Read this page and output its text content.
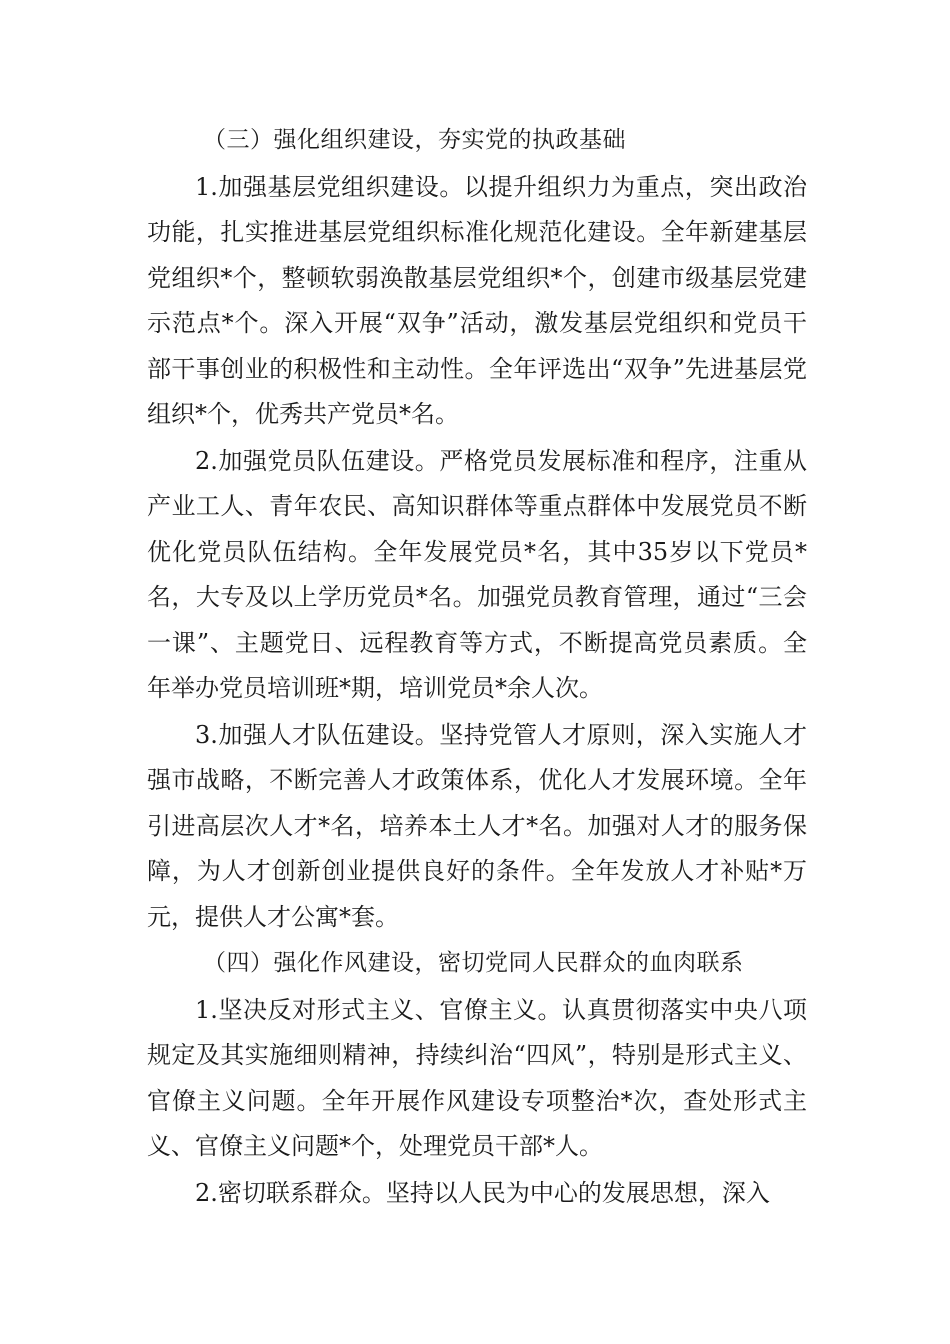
（三）强化组织建设，夯实党的执政基础

1.加强基层党组织建设。以提升组织力为重点，突出政治功能，扎实推进基层党组织标准化规范化建设。全年新建基层党组织*个，整顿软弱涣散基层党组织*个，创建市级基层党建示范点*个。深入开展“双争”活动，激发基层党组织和党员干部干事创业的积极性和主动性。全年评选出“双争”先进基层党组织*个，优秀共产党员*名。

2.加强党员队伍建设。严格党员发展标准和程序，注重从产业工人、青年农民、高知识群体等重点群体中发展党员不断优化党员队伍结构。全年发展党员*名，其中35岁以下党员*名，大专及以上学历党员*名。加强党员教育管理，通过“三会一课”、主题党日、远程教育等方式，不断提高党员素质。全年举办党员培训班*期，培训党员*余人次。

3.加强人才队伍建设。坚持党管人才原则，深入实施人才强市战略，不断完善人才政策体系，优化人才发展环境。全年引进高层次人才*名，培养本土人才*名。加强对人才的服务保障，为人才创新创业提供良好的条件。全年发放人才补贴*万元，提供人才公寓*套。

（四）强化作风建设，密切党同人民群众的血肉联系

1.坚决反对形式主义、官僚主义。认真贯彻落实中央八项规定及其实施细则精神，持续纠治“四风”，特别是形式主义、官僚主义问题。全年开展作风建设专项整治*次，查处形式主义、官僚主义问题*个，处理党员干部*人。

2.密切联系群众。坚持以人民为中心的发展思想，深入
